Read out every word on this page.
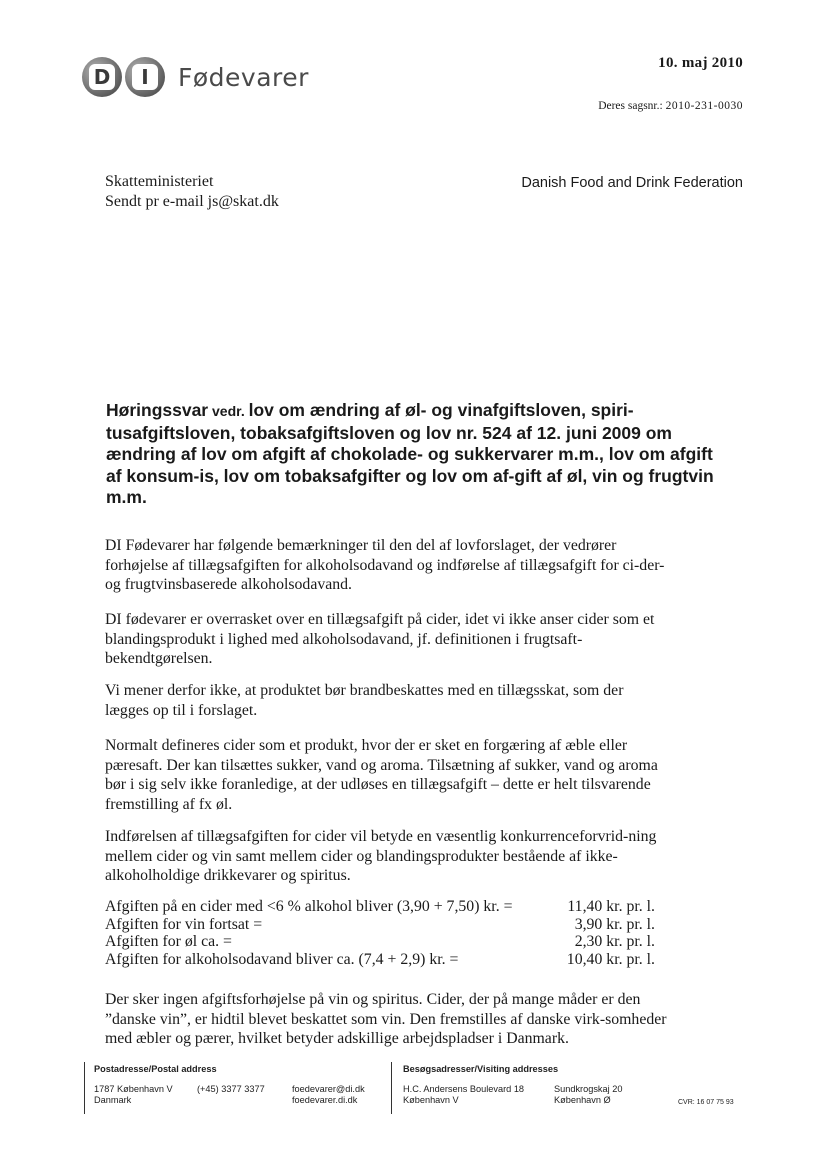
D	I	Fødevarer	10. maj 2010
Deres sagsnr.: 2010-231-0030
Skatteministeriet
Sendt pr e-mail js@skat.dk
Danish Food and Drink Federation
Høringssvar vedr. lov om ændring af øl- og vinafgiftsloven, spiri-tusafgiftsloven, tobaksafgiftsloven og lov nr. 524 af 12. juni 2009 om ændring af lov om afgift af chokolade- og sukkervarer m.m., lov om afgift af konsum-is, lov om tobaksafgifter og lov om af-gift af øl, vin og frugtvin m.m.
DI Fødevarer har følgende bemærkninger til den del af lovforslaget, der vedrører forhøjelse af tillægsafgiften for alkoholsodavand og indførelse af tillægsafgift for ci-der- og frugtvinsbaserede alkoholsodavand.
DI fødevarer er overrasket over en tillægsafgift på cider, idet vi ikke anser cider som et blandingsprodukt i lighed med alkoholsodavand, jf. definitionen i frugtsaft-bekendtgørelsen.
Vi mener derfor ikke, at produktet bør brandbeskattes med en tillægsskat, som der lægges op til i forslaget.
Normalt defineres cider som et produkt, hvor der er sket en forgæring af æble eller pæresaft. Der kan tilsættes sukker, vand og aroma. Tilsætning af sukker, vand og aroma bør i sig selv ikke foranledige, at der udløses en tillægsafgift – dette er helt tilsvarende fremstilling af fx øl.
Indførelsen af tillægsafgiften for cider vil betyde en væsentlig konkurrenceforvrid-ning mellem cider og vin samt mellem cider og blandingsprodukter bestående af ikke-alkoholholdige drikkevarer og spiritus.
Afgiften på en cider med <6 % alkohol bliver (3,90 + 7,50) kr. =	11,40 kr. pr. l.
Afgiften for vin fortsat =	3,90 kr. pr. l.
Afgiften for øl ca. =	2,30 kr. pr. l.
Afgiften for alkoholsodavand bliver ca. (7,4 + 2,9) kr. =	10,40 kr. pr. l.
Der sker ingen afgiftsforhøjelse på vin og spiritus. Cider, der på mange måder er den ”danske vin”, er hidtil blevet beskattet som vin. Den fremstilles af danske virk-somheder med æbler og pærer, hvilket betyder adskillige arbejdspladser i Danmark.
Postadresse/Postal address
1787 København V
Danmark
(+45) 3377 3377	foedevarer@di.dk
foedevarer.di.dk
Besøgsadresser/Visiting addresses
H.C. Andersens Boulevard 18
København V
Sundkrogskaj 20
København Ø	CVR: 16 07 75 93
